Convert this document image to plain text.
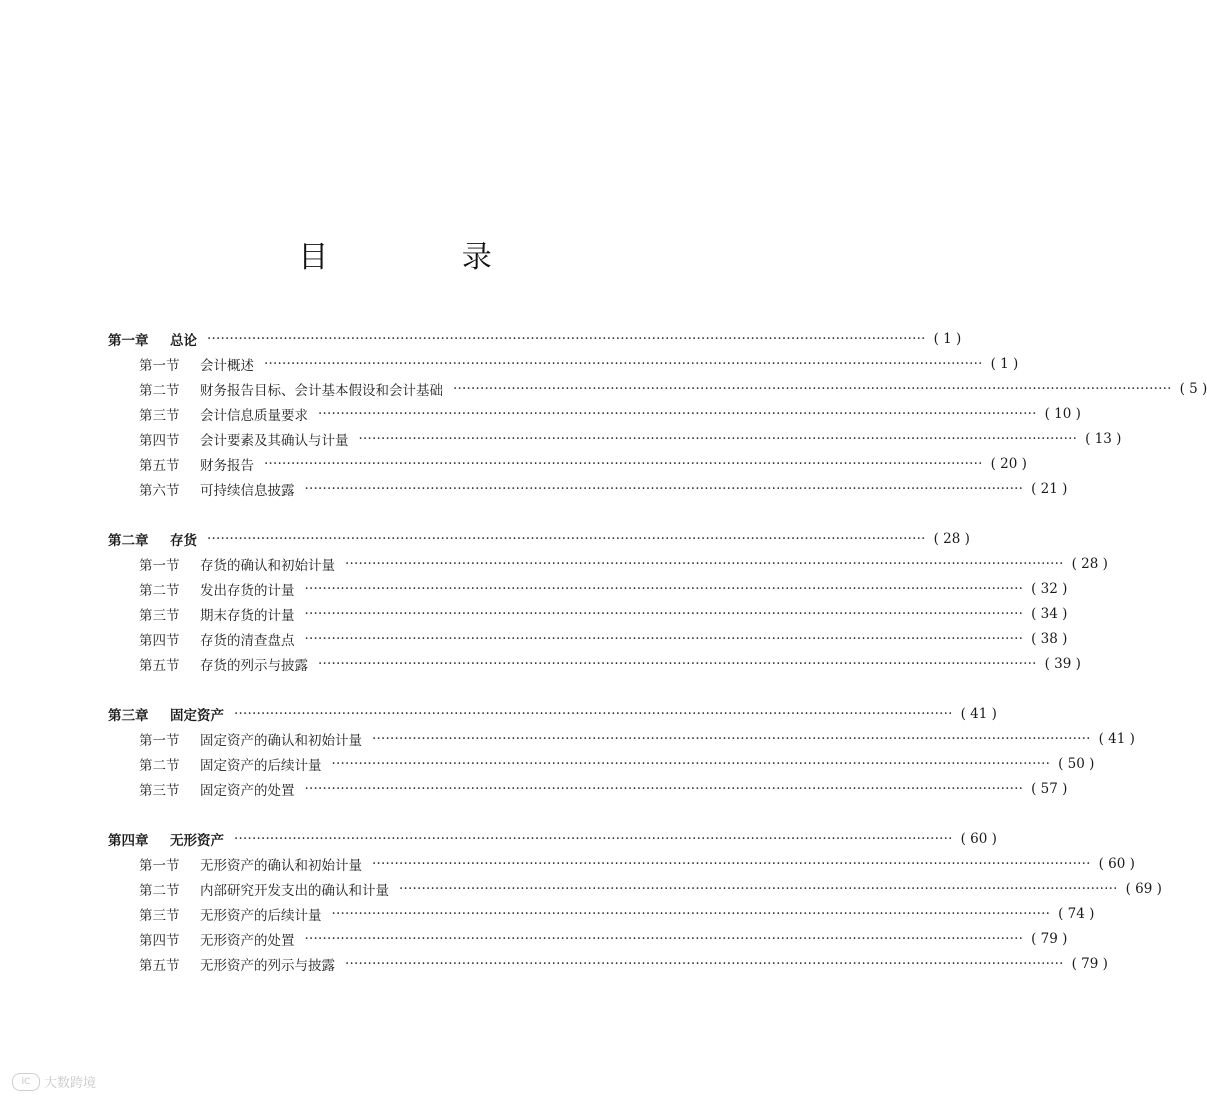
目 录
第一章	总论 ································································································································································ ( 1 )
第一节	会计概述 ································································································································································ ( 1 )
第二节	财务报告目标、会计基本假设和会计基础 ································································································································································ ( 5 )
第三节	会计信息质量要求 ································································································································································ ( 10 )
第四节	会计要素及其确认与计量 ································································································································································ ( 13 )
第五节	财务报告 ································································································································································ ( 20 )
第六节	可持续信息披露 ································································································································································ ( 21 )
第二章	存货 ································································································································································ ( 28 )
第一节	存货的确认和初始计量 ································································································································································ ( 28 )
第二节	发出存货的计量 ································································································································································ ( 32 )
第三节	期末存货的计量 ································································································································································ ( 34 )
第四节	存货的清查盘点 ································································································································································ ( 38 )
第五节	存货的列示与披露 ································································································································································ ( 39 )
第三章	固定资产 ································································································································································ ( 41 )
第一节	固定资产的确认和初始计量 ································································································································································ ( 41 )
第二节	固定资产的后续计量 ································································································································································ ( 50 )
第三节	固定资产的处置 ································································································································································ ( 57 )
第四章	无形资产 ································································································································································ ( 60 )
第一节	无形资产的确认和初始计量 ································································································································································ ( 60 )
第二节	内部研究开发支出的确认和计量 ································································································································································ ( 69 )
第三节	无形资产的后续计量 ································································································································································ ( 74 )
第四节	无形资产的处置 ································································································································································ ( 79 )
第五节	无形资产的列示与披露 ································································································································································ ( 79 )
IC	大数跨境
